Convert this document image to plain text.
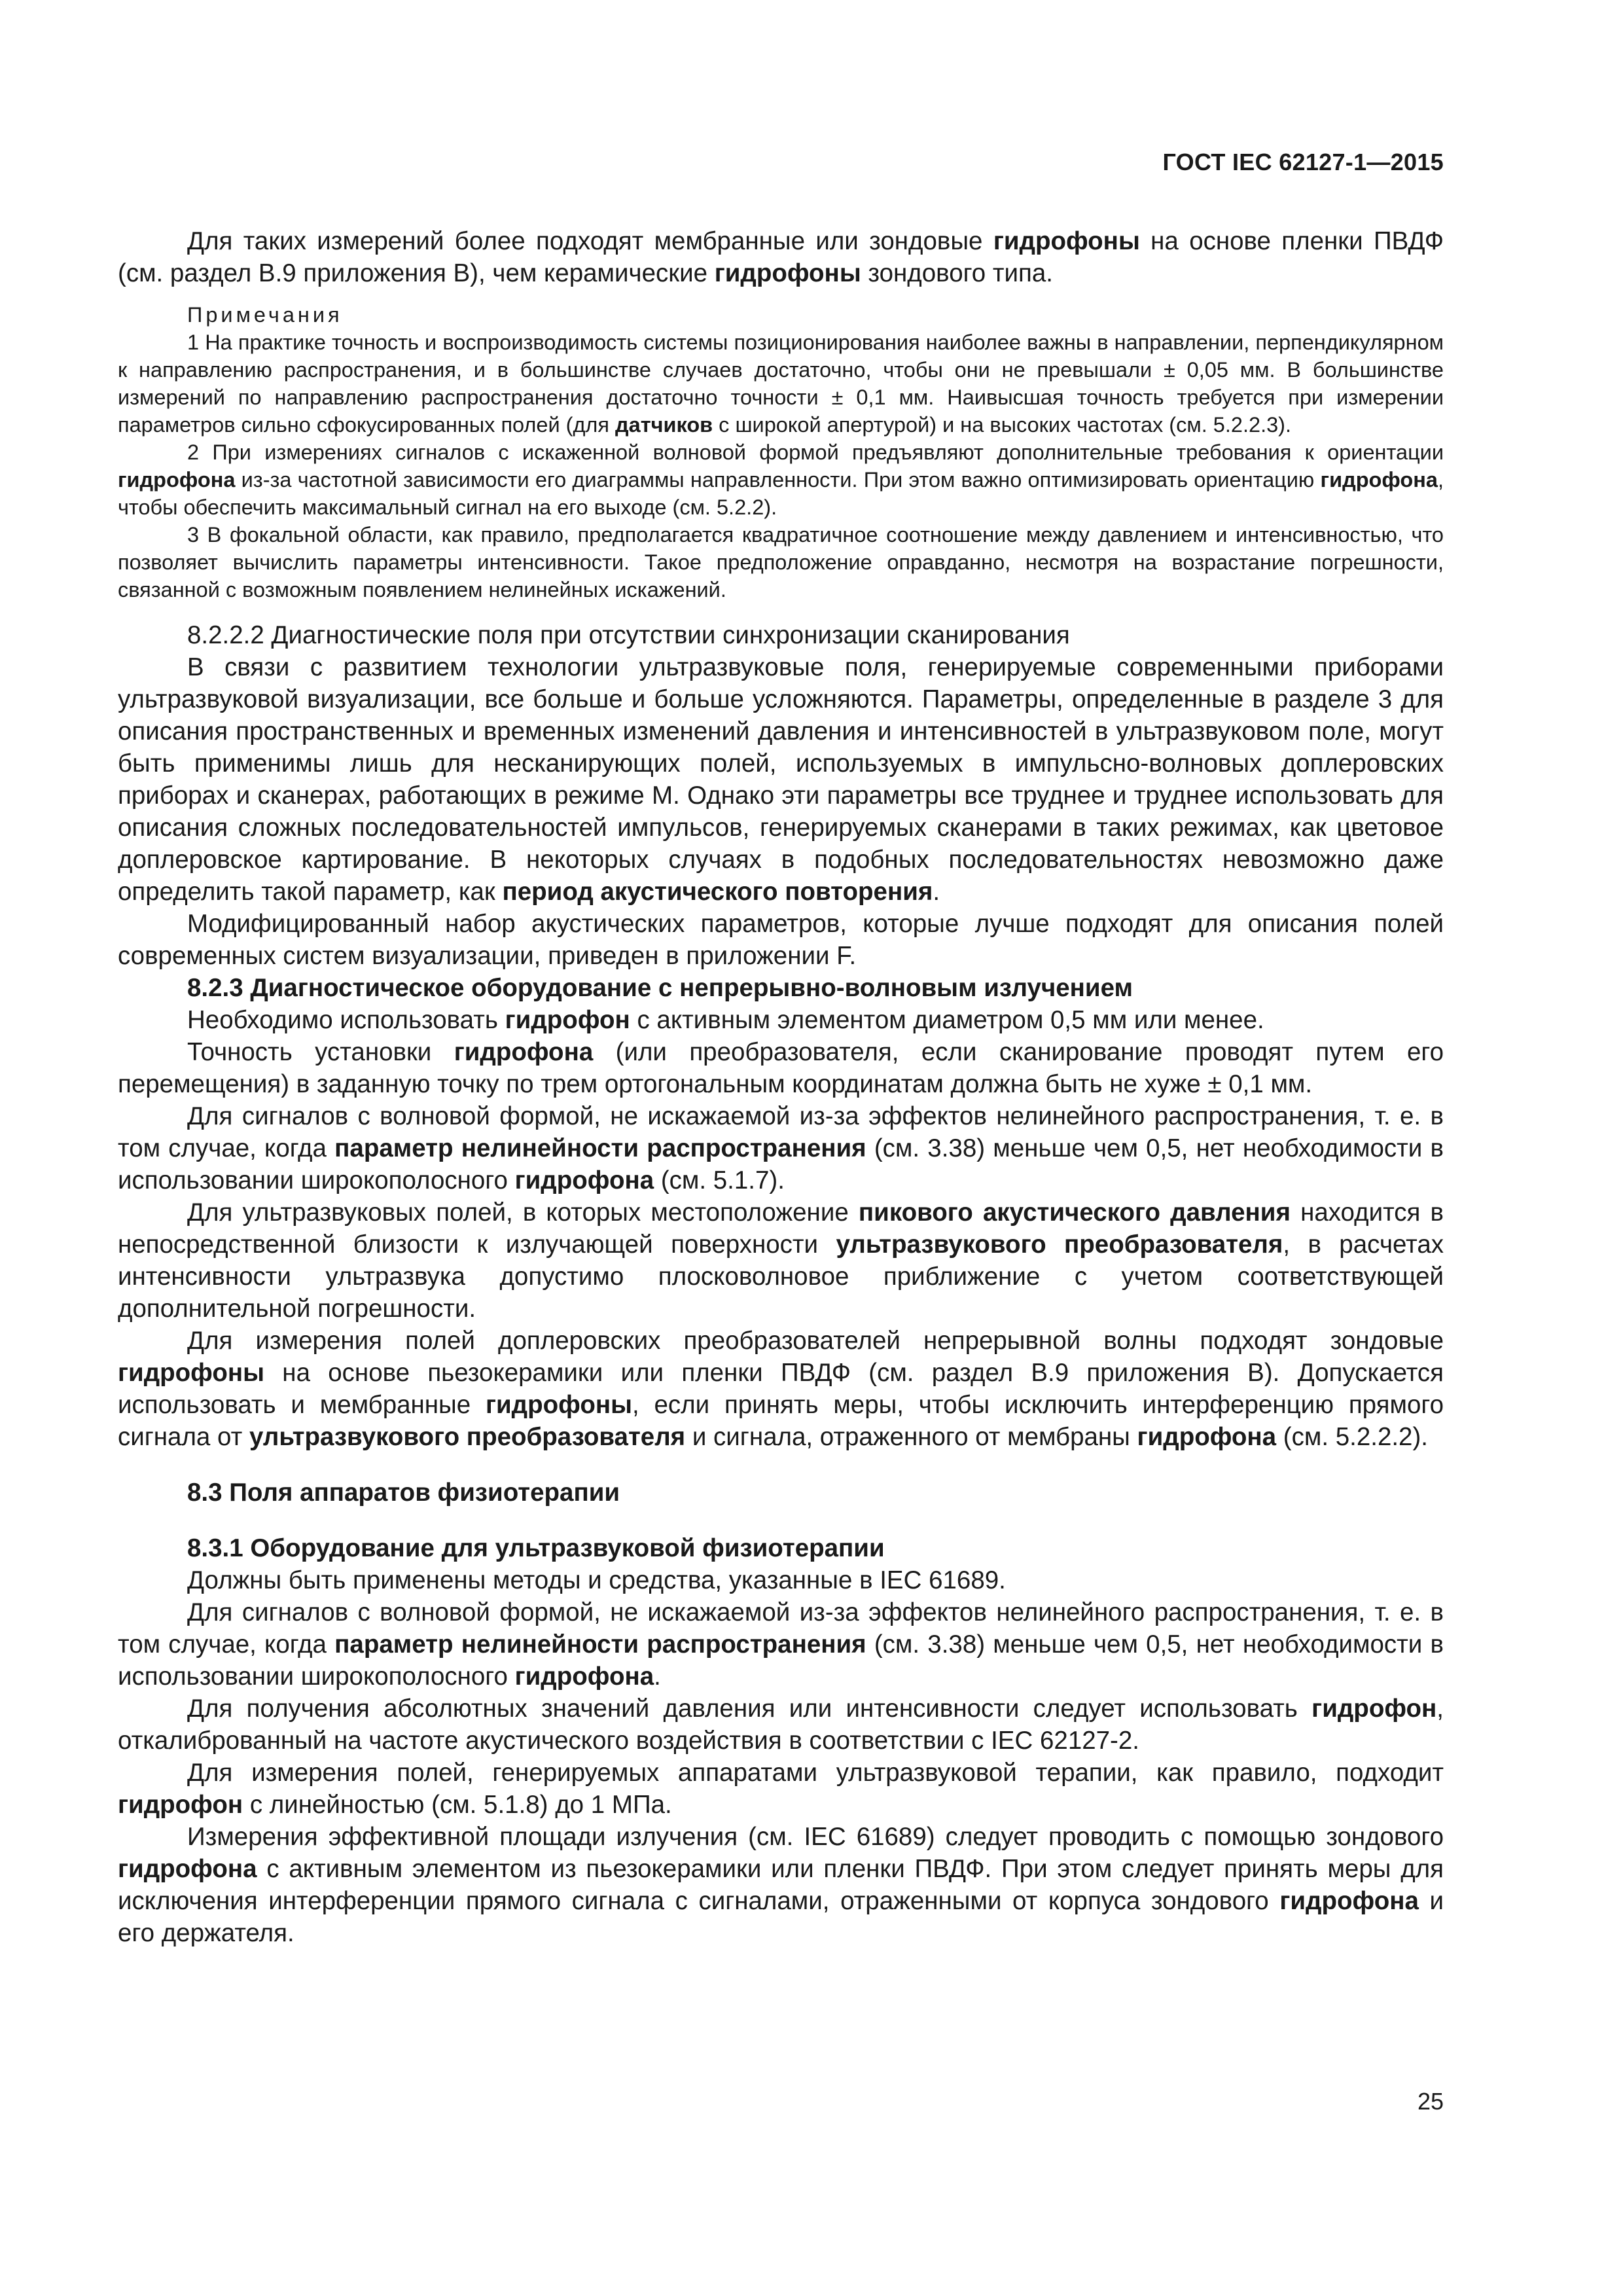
ГОСТ IEC 62127-1—2015

Для таких измерений более подходят мембранные или зондовые гидрофоны на основе пленки ПВДФ (см. раздел В.9 приложения В), чем керамические гидрофоны зондового типа.

Примечания

1 На практике точность и воспроизводимость системы позиционирования наиболее важны в направлении, перпендикулярном к направлению распространения, и в большинстве случаев достаточно, чтобы они не превышали ± 0,05 мм. В большинстве измерений по направлению распространения достаточно точности ± 0,1 мм. Наивысшая точность требуется при измерении параметров сильно сфокусированных полей (для датчиков с широкой апертурой) и на высоких частотах (см. 5.2.2.3).

2 При измерениях сигналов с искаженной волновой формой предъявляют дополнительные требования к ориентации гидрофона из-за частотной зависимости его диаграммы направленности. При этом важно оптимизировать ориентацию гидрофона, чтобы обеспечить максимальный сигнал на его выходе (см. 5.2.2).

3 В фокальной области, как правило, предполагается квадратичное соотношение между давлением и интенсивностью, что позволяет вычислить параметры интенсивности. Такое предположение оправданно, несмотря на возрастание погрешности, связанной с возможным появлением нелинейных искажений.

8.2.2.2 Диагностические поля при отсутствии синхронизации сканирования

В связи с развитием технологии ультразвуковые поля, генерируемые современными приборами ультразвуковой визуализации, все больше и больше усложняются. Параметры, определенные в разделе 3 для описания пространственных и временных изменений давления и интенсивностей в ультразвуковом поле, могут быть применимы лишь для несканирующих полей, используемых в импульсно-волновых доплеровских приборах и сканерах, работающих в режиме М. Однако эти параметры все труднее и труднее использовать для описания сложных последовательностей импульсов, генерируемых сканерами в таких режимах, как цветовое доплеровское картирование. В некоторых случаях в подобных последовательностях невозможно даже определить такой параметр, как период акустического повторения.

Модифицированный набор акустических параметров, которые лучше подходят для описания полей современных систем визуализации, приведен в приложении F.

8.2.3 Диагностическое оборудование с непрерывно-волновым излучением

Необходимо использовать гидрофон с активным элементом диаметром 0,5 мм или менее.

Точность установки гидрофона (или преобразователя, если сканирование проводят путем его перемещения) в заданную точку по трем ортогональным координатам должна быть не хуже ± 0,1 мм.

Для сигналов с волновой формой, не искажаемой из-за эффектов нелинейного распространения, т. е. в том случае, когда параметр нелинейности распространения (см. 3.38) меньше чем 0,5, нет необходимости в использовании широкополосного гидрофона (см. 5.1.7).

Для ультразвуковых полей, в которых местоположение пикового акустического давления находится в непосредственной близости к излучающей поверхности ультразвукового преобразователя, в расчетах интенсивности ультразвука допустимо плосковолновое приближение с учетом соответствующей дополнительной погрешности.

Для измерения полей доплеровских преобразователей непрерывной волны подходят зондовые гидрофоны на основе пьезокерамики или пленки ПВДФ (см. раздел В.9 приложения В). Допускается использовать и мембранные гидрофоны, если принять меры, чтобы исключить интерференцию прямого сигнала от ультразвукового преобразователя и сигнала, отраженного от мембраны гидрофона (см. 5.2.2.2).

8.3 Поля аппаратов физиотерапии

8.3.1 Оборудование для ультразвуковой физиотерапии

Должны быть применены методы и средства, указанные в IEC 61689.

Для сигналов с волновой формой, не искажаемой из-за эффектов нелинейного распространения, т. е. в том случае, когда параметр нелинейности распространения (см. 3.38) меньше чем 0,5, нет необходимости в использовании широкополосного гидрофона.

Для получения абсолютных значений давления или интенсивности следует использовать гидрофон, откалиброванный на частоте акустического воздействия в соответствии с IEC 62127-2.

Для измерения полей, генерируемых аппаратами ультразвуковой терапии, как правило, подходит гидрофон с линейностью (см. 5.1.8) до 1 МПа.

Измерения эффективной площади излучения (см. IEC 61689) следует проводить с помощью зондового гидрофона с активным элементом из пьезокерамики или пленки ПВДФ. При этом следует принять меры для исключения интерференции прямого сигнала с сигналами, отраженными от корпуса зондового гидрофона и его держателя.

25
